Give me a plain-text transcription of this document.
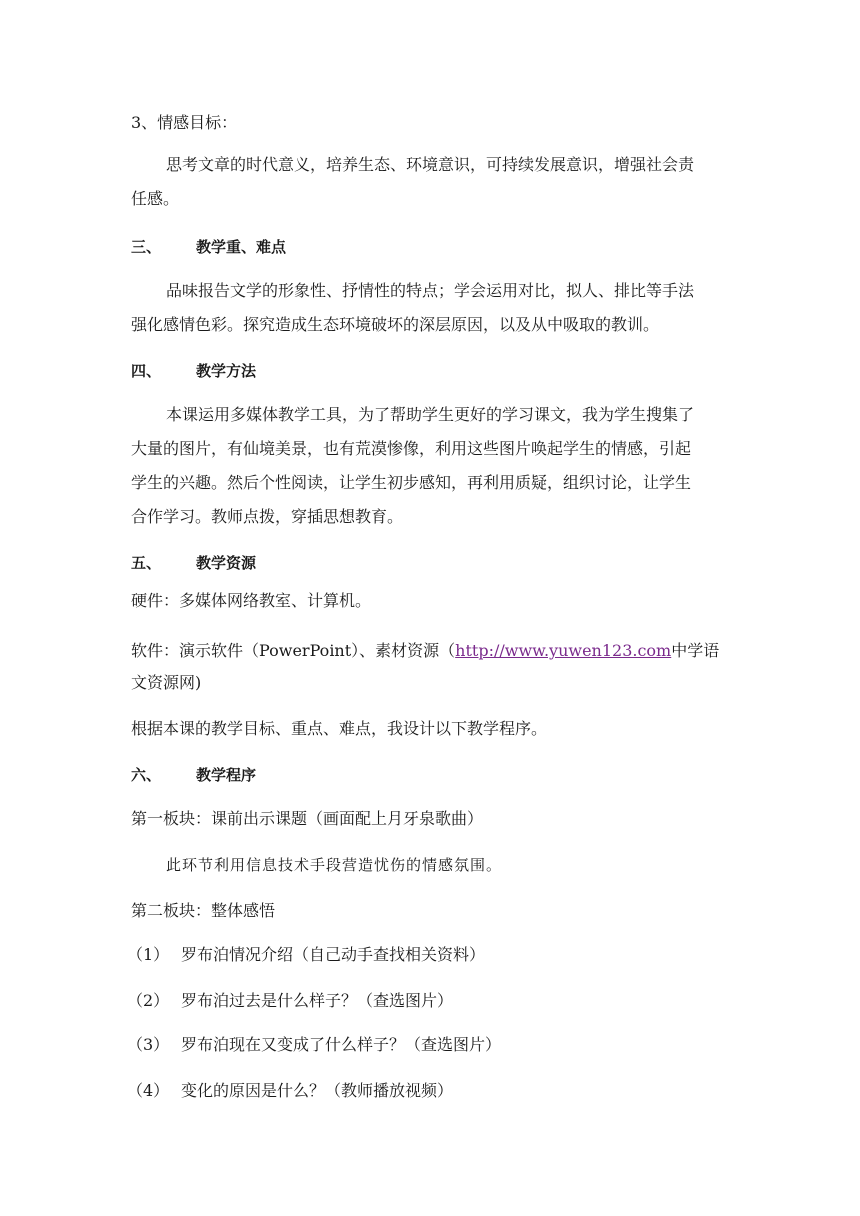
3、情感目标：
思考文章的时代意义，培养生态、环境意识，可持续发展意识，增强社会责
任感。
三、 教学重、难点
品味报告文学的形象性、抒情性的特点；学会运用对比，拟人、排比等手法
强化感情色彩。探究造成生态环境破坏的深层原因，以及从中吸取的教训。
四、 教学方法
本课运用多媒体教学工具，为了帮助学生更好的学习课文，我为学生搜集了
大量的图片，有仙境美景，也有荒漠惨像，利用这些图片唤起学生的情感，引起
学生的兴趣。然后个性阅读，让学生初步感知，再利用质疑，组织讨论，让学生
合作学习。教师点拨，穿插思想教育。
五、 教学资源
硬件：多媒体网络教室、计算机。
软件：演示软件（PowerPoint）、素材资源（http://www.yuwen123.com中学语
文资源网)
根据本课的教学目标、重点、难点，我设计以下教学程序。
六、 教学程序
第一板块：课前出示课题（画面配上月牙泉歌曲）
此环节利用信息技术手段营造忧伤的情感氛围。
第二板块：整体感悟
（1） 罗布泊情况介绍（自己动手查找相关资料）
（2） 罗布泊过去是什么样子？（查选图片）
（3） 罗布泊现在又变成了什么样子？（查选图片）
（4） 变化的原因是什么？（教师播放视频）
